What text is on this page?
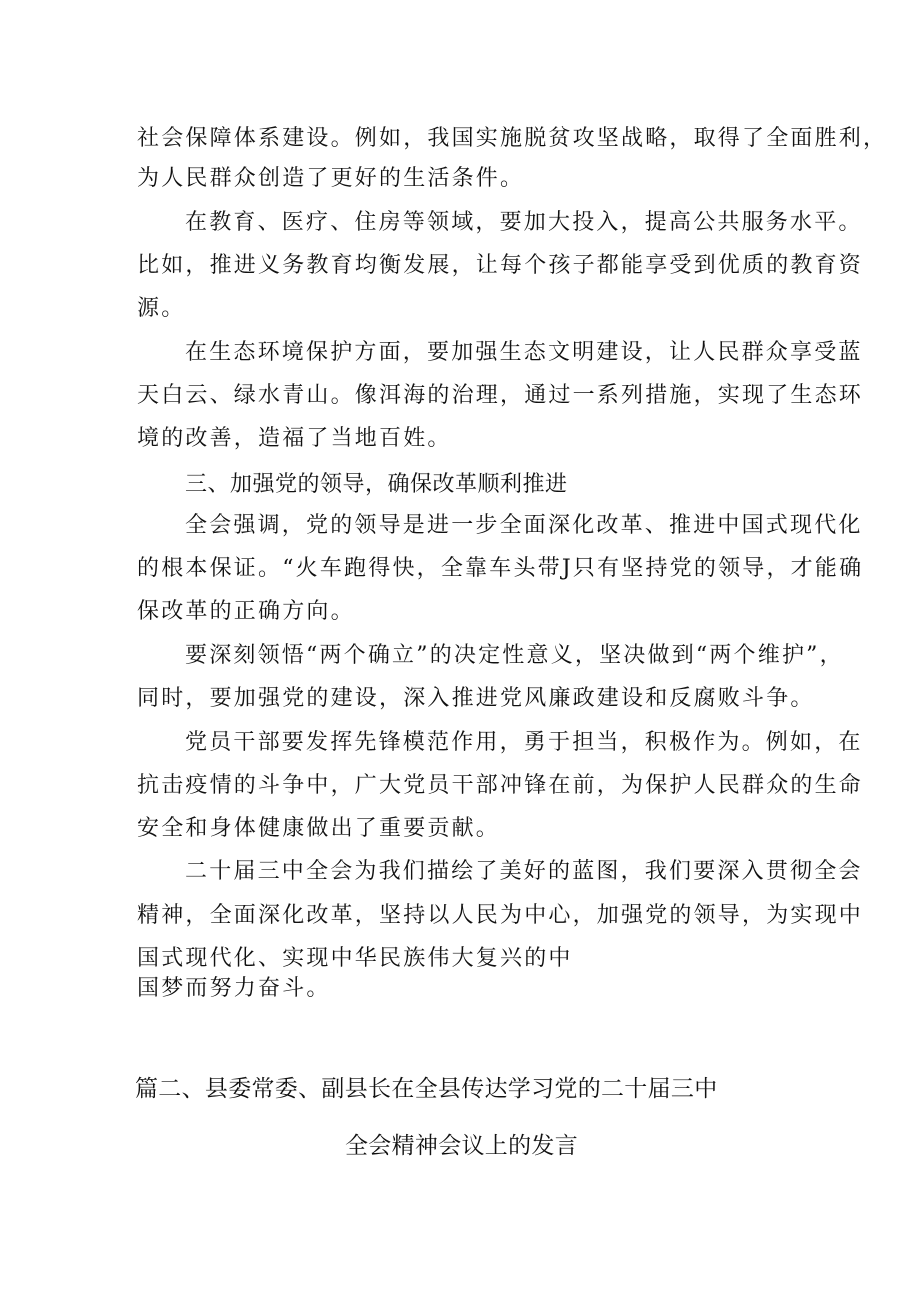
社会保障体系建设。例如，我国实施脱贫攻坚战略，取得了全面胜利，
为人民群众创造了更好的生活条件。
在教育、医疗、住房等领域，要加大投入，提高公共服务水平。
比如，推进义务教育均衡发展，让每个孩子都能享受到优质的教育资
源。
在生态环境保护方面，要加强生态文明建设，让人民群众享受蓝
天白云、绿水青山。像洱海的治理，通过一系列措施，实现了生态环
境的改善，造福了当地百姓。
三、加强党的领导，确保改革顺利推进
全会强调，党的领导是进一步全面深化改革、推进中国式现代化
的根本保证。“火车跑得快，全靠车头带J只有坚持党的领导，才能确
保改革的正确方向。
要深刻领悟“两个确立”的决定性意义，坚决做到“两个维护”，
同时，要加强党的建设，深入推进党风廉政建设和反腐败斗争。
党员干部要发挥先锋模范作用，勇于担当，积极作为。例如，在
抗击疫情的斗争中，广大党员干部冲锋在前，为保护人民群众的生命
安全和身体健康做出了重要贡献。
二十届三中全会为我们描绘了美好的蓝图，我们要深入贯彻全会
精神，全面深化改革，坚持以人民为中心，加强党的领导，为实现中
国式现代化、实现中华民族伟大复兴的中
国梦而努力奋斗。
篇二、县委常委、副县长在全县传达学习党的二十届三中
全会精神会议上的发言
